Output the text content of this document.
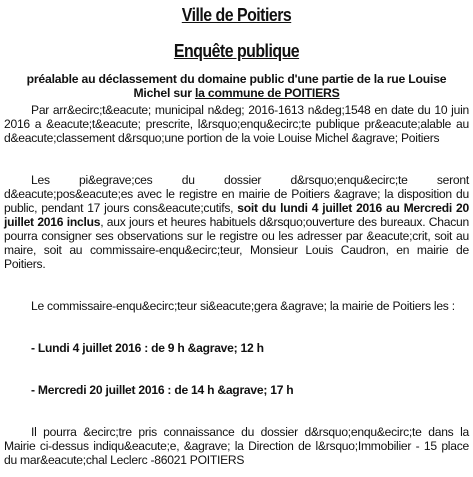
Ville de Poitiers
Enquête publique
préalable au déclassement du domaine public d'une partie de la rue Louise
Michel sur la commune de POITIERS

Par arr&ecirc;t&eacute; municipal n&deg; 2016-1613 n&deg;1548 en date du 10 juin 2016 a &eacute;t&eacute; prescrite, l&rsquo;enqu&ecirc;te publique pr&eacute;alable au d&eacute;classement d&rsquo;une portion de la voie Louise Michel &agrave; Poitiers

Les pi&egrave;ces du dossier d&rsquo;enqu&ecirc;te seront d&eacute;pos&eacute;es avec le registre en mairie de Poitiers &agrave; la disposition du public, pendant 17 jours cons&eacute;cutifs, soit du lundi 4 juillet 2016 au Mercredi 20 juillet 2016 inclus, aux jours et heures habituels d&rsquo;ouverture des bureaux. Chacun pourra consigner ses observations sur le registre ou les adresser par &eacute;crit, soit au maire, soit au commissaire-enqu&ecirc;teur, Monsieur Louis Caudron, en mairie de Poitiers.

Le commissaire-enqu&ecirc;teur si&eacute;gera &agrave; la mairie de Poitiers les :

- Lundi 4 juillet 2016 : de 9 h &agrave; 12 h

- Mercredi 20 juillet 2016 : de 14 h &agrave; 17 h

Il pourra &ecirc;tre pris connaissance du dossier d&rsquo;enqu&ecirc;te dans la Mairie ci-dessus indiqu&eacute;e, &agrave; la Direction de l&rsquo;Immobilier - 15 place du mar&eacute;chal Leclerc -86021 POITIERS
